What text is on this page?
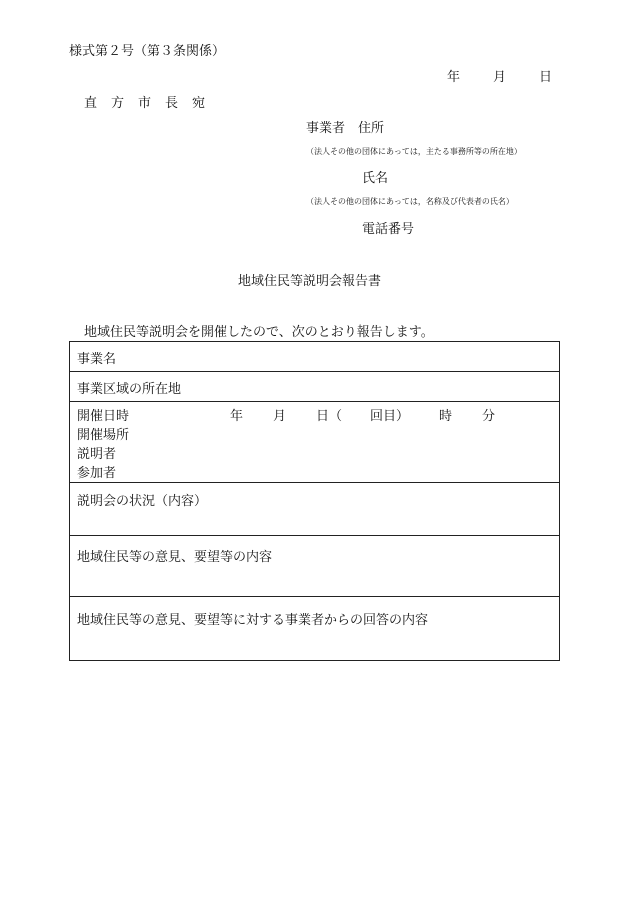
様式第２号（第３条関係）
年	月	日
直方市長宛
事業者 住所
（法人その他の団体にあっては，主たる事務所等の所在地）
氏名
（法人その他の団体にあっては，名称及び代表者の氏名）
電話番号
地域住民等説明会報告書
地域住民等説明会を開催したので、次のとおり報告します。
事業名
事業区域の所在地
開催日時	年 月 日（ 回目） 時 分
開催場所
説明者
参加者
説明会の状況（内容）
地域住民等の意見、要望等の内容
地域住民等の意見、要望等に対する事業者からの回答の内容
